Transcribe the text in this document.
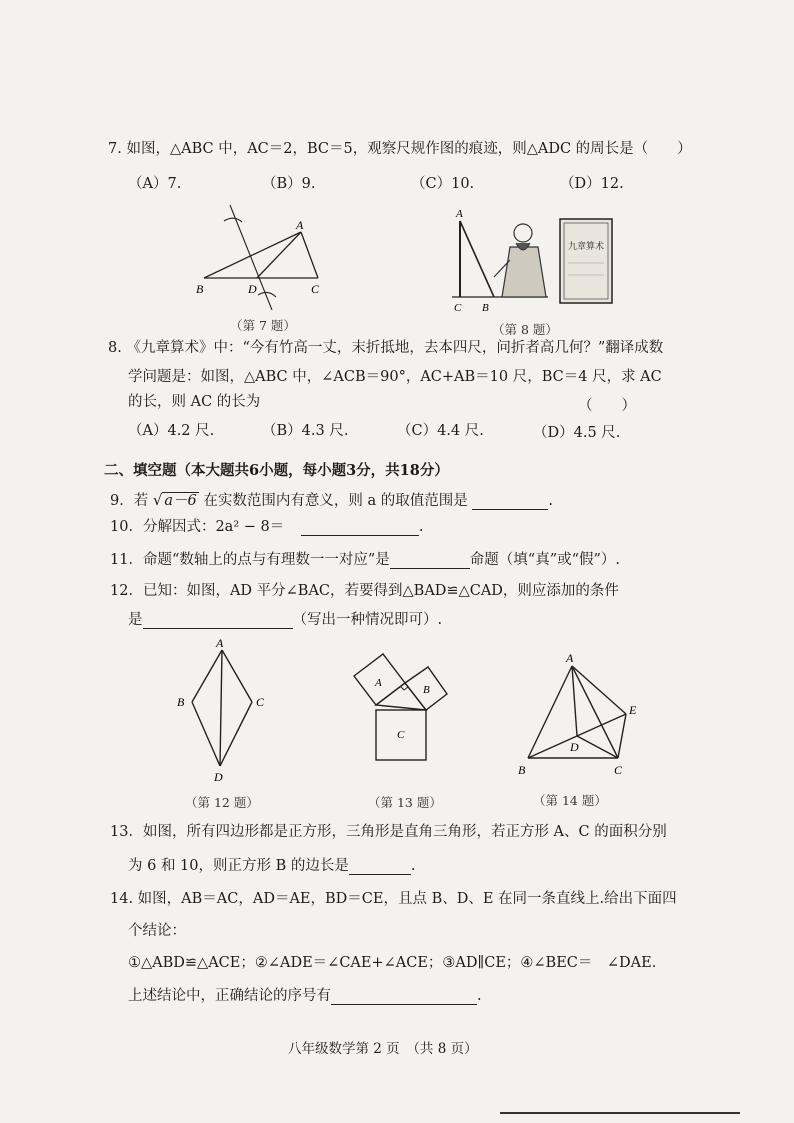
7. 如图，△ABC 中，AC＝2，BC＝5，观察尺规作图的痕迹，则△ADC 的周长是（　　）
（A）7.	（B）9.	（C）10.	（D）12.
B	D	C
A
（第 7 题）
九章算术
A
C B
（第 8 题）
8. 《九章算术》中：“今有竹高一丈，末折抵地，去本四尺，问折者高几何？”翻译成数
学问题是：如图，△ABC 中，∠ACB＝90°，AC+AB＝10 尺，BC＝4 尺，求 AC
的长，则 AC 的长为	（　　）
（A）4.2 尺.	（B）4.3 尺.	（C）4.4 尺.	（D）4.5 尺.
二、填空题（本大题共6小题，每小题3分，共18分）
9．若 √ a－6 在实数范围内有意义，则 a 的取值范围是	.
10．分解因式：2a² − 8＝	.
11．命题“数轴上的点与有理数一一对应”是	命题（填“真”或“假”）.
12．已知：如图，AD 平分∠BAC，若要得到△BAD≌△CAD，则应添加的条件
是	（写出一种情况即可）.
A
B	C
D
（第 12 题）
A
B
C
（第 13 题）
A
E
D
B	C
（第 14 题）
13．如图，所有四边形都是正方形，三角形是直角三角形，若正方形 A、C 的面积分别
为 6 和 10，则正方形 B 的边长是	.
14. 如图，AB＝AC，AD＝AE，BD＝CE，且点 B、D、E 在同一条直线上.给出下面四
个结论：
①△ABD≌△ACE；②∠ADE＝∠CAE+∠ACE；③AD∥CE；④∠BEC＝　∠DAE.
上述结论中，正确结论的序号有	.
八年级数学第 2 页　（共 8 页）
